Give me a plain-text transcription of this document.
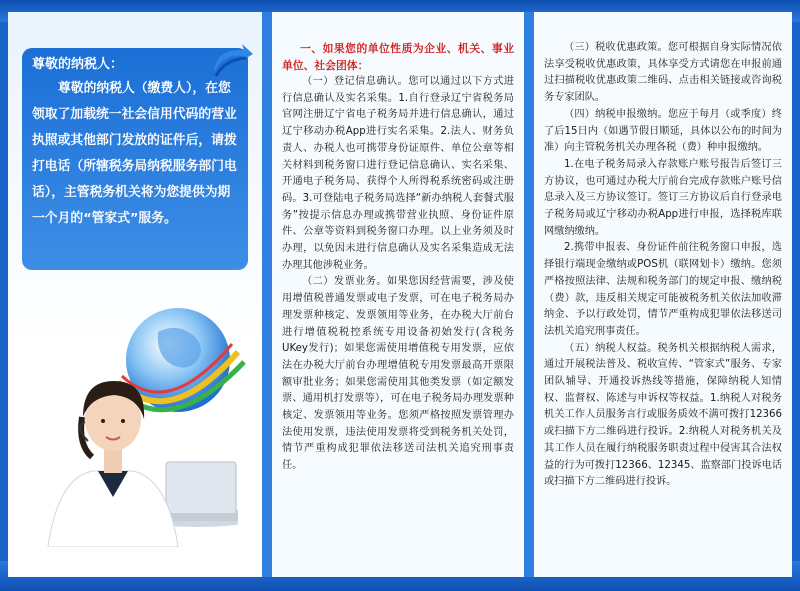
尊敬的纳税人：

尊敬的纳税人（缴费人），在您领取了加载统一社会信用代码的营业执照或其他部门发放的证件后，请拨打电话（所辖税务局纳税服务部门电话），主管税务机关将为您提供为期一个月的“管家式”服务。

一、如果您的单位性质为企业、机关、事业单位、社会团体：

（一）登记信息确认。您可以通过以下方式进行信息确认及实名采集。1.自行登录辽宁省税务局官网注册辽宁省电子税务局并进行信息确认，通过辽宁移动办税App进行实名采集。2.法人、财务负责人、办税人也可携带身份证原件、单位公章等相关材料到税务窗口进行登记信息确认、实名采集、开通电子税务局、获得个人所得税系统密码或注册码。3.可登陆电子税务局选择“新办纳税人套餐式服务”按提示信息办理或携带营业执照、身份证件原件、公章等资料到税务窗口办理。以上业务须及时办理，以免因未进行信息确认及实名采集造成无法办理其他涉税业务。

（二）发票业务。如果您因经营需要，涉及使用增值税普通发票或电子发票，可在电子税务局办理发票种核定、发票领用等业务，在办税大厅前台进行增值税税控系统专用设备初始发行(含税务UKey发行)；如果您需使用增值税专用发票，应依法在办税大厅前台办理增值税专用发票最高开票限额审批业务；如果您需使用其他类发票（如定额发票、通用机打发票等），可在电子税务局办理发票种核定、发票领用等业务。您须严格按照发票管理办法使用发票，违法使用发票将受到税务机关处罚，情节严重构成犯罪依法移送司法机关追究刑事责任。

（三）税收优惠政策。您可根据自身实际情况依法享受税收优惠政策，具体享受方式请您在申报前通过扫描税收优惠政策二维码、点击相关链接或咨询税务专家团队。

（四）纳税申报缴纳。您应于每月（或季度）终了后15日内（如遇节假日顺延，具体以公布的时间为准）向主管税务机关办理各税（费）种申报缴纳。

1.在电子税务局录入存款账户账号报告后签订三方协议，也可通过办税大厅前台完成存款账户账号信息录入及三方协议签订。签订三方协议后自行登录电子税务局或辽宁移动办税App进行申报，选择税库联网缴纳缴纳。

2.携带申报表、身份证件前往税务窗口申报，选择银行端现金缴纳或POS机（联网划卡）缴纳。您须严格按照法律、法规和税务部门的规定申报、缴纳税（费）款，违反相关规定可能被税务机关依法加收滞纳金、予以行政处罚，情节严重构成犯罪依法移送司法机关追究刑事责任。

（五）纳税人权益。税务机关根据纳税人需求，通过开展税法普及、税收宣传、“管家式”服务、专家团队辅导、开通投诉热线等措施，保障纳税人知情权、监督权、陈述与申诉权等权益。1.纳税人对税务机关工作人员服务言行或服务质效不满可拨打12366或扫描下方二维码进行投诉。2.纳税人对税务机关及其工作人员在履行纳税服务职责过程中侵害其合法权益的行为可拨打12366、12345、监察部门投诉电话或扫描下方二维码进行投诉。
